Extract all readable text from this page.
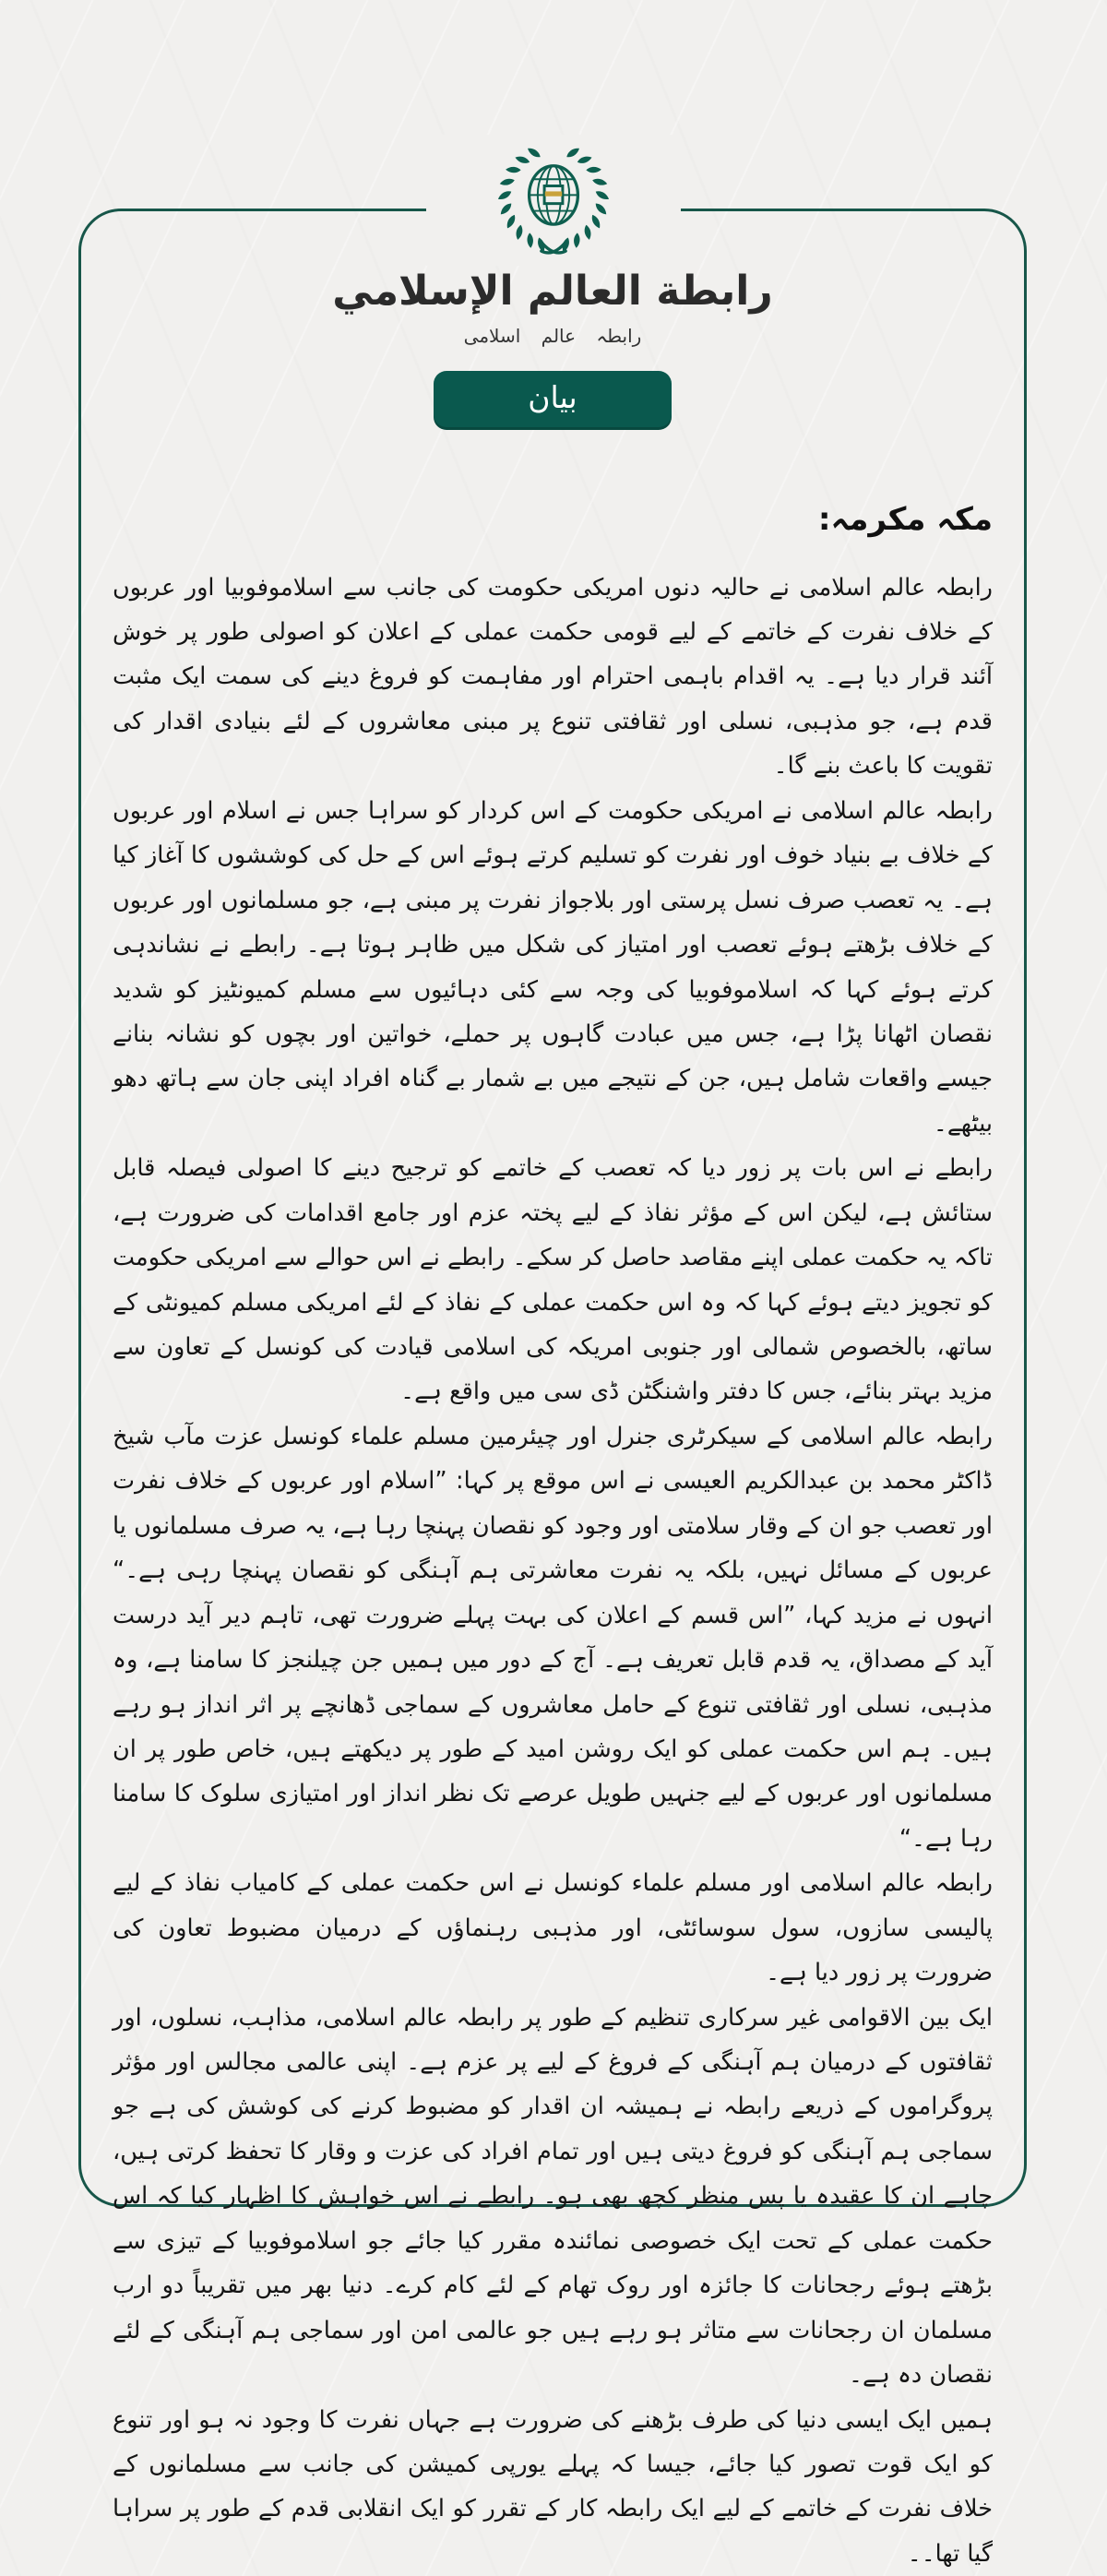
رابطة العالم الإسلامي
رابطہ عالم اسلامی
بيان
مکہ مکرمہ:

رابطہ عالم اسلامی نے حالیہ دنوں امریکی حکومت کی جانب سے اسلاموفوبیا اور عربوں کے خلاف نفرت کے خاتمے کے لیے قومی حکمت عملی کے اعلان کو اصولی طور پر خوش آئند قرار دیا ہے۔ یہ اقدام باہمی احترام اور مفاہمت کو فروغ دینے کی سمت ایک مثبت قدم ہے، جو مذہبی، نسلی اور ثقافتی تنوع پر مبنی معاشروں کے لئے بنیادی اقدار کی تقویت کا باعث بنے گا۔

رابطہ عالم اسلامی نے امریکی حکومت کے اس کردار کو سراہا جس نے اسلام اور عربوں کے خلاف بے بنیاد خوف اور نفرت کو تسلیم کرتے ہوئے اس کے حل کی کوششوں کا آغاز کیا ہے۔ یہ تعصب صرف نسل پرستی اور بلاجواز نفرت پر مبنی ہے، جو مسلمانوں اور عربوں کے خلاف بڑھتے ہوئے تعصب اور امتیاز کی شکل میں ظاہر ہوتا ہے۔ رابطے نے نشاندہی کرتے ہوئے کہا کہ اسلاموفوبیا کی وجہ سے کئی دہائیوں سے مسلم کمیونٹیز کو شدید نقصان اٹھانا پڑا ہے، جس میں عبادت گاہوں پر حملے، خواتین اور بچوں کو نشانہ بنانے جیسے واقعات شامل ہیں، جن کے نتیجے میں بے شمار بے گناہ افراد اپنی جان سے ہاتھ دھو بیٹھے۔

رابطے نے اس بات پر زور دیا کہ تعصب کے خاتمے کو ترجیح دینے کا اصولی فیصلہ قابل ستائش ہے، لیکن اس کے مؤثر نفاذ کے لیے پختہ عزم اور جامع اقدامات کی ضرورت ہے، تاکہ یہ حکمت عملی اپنے مقاصد حاصل کر سکے۔ رابطے نے اس حوالے سے امریکی حکومت کو تجویز دیتے ہوئے کہا کہ وہ اس حکمت عملی کے نفاذ کے لئے امریکی مسلم کمیونٹی کے ساتھ، بالخصوص شمالی اور جنوبی امریکہ کی اسلامی قیادت کی کونسل کے تعاون سے مزید بہتر بنائے، جس کا دفتر واشنگٹن ڈی سی میں واقع ہے۔

رابطہ عالم اسلامی کے سیکرٹری جنرل اور چیئرمین مسلم علماء کونسل عزت مآب شیخ ڈاکٹر محمد بن عبدالکریم العیسی نے اس موقع پر کہا: ”اسلام اور عربوں کے خلاف نفرت اور تعصب جو ان کے وقار سلامتی اور وجود کو نقصان پہنچا رہا ہے، یہ صرف مسلمانوں یا عربوں کے مسائل نہیں، بلکہ یہ نفرت معاشرتی ہم آہنگی کو نقصان پہنچا رہی ہے۔“ انہوں نے مزید کہا، ”اس قسم کے اعلان کی بہت پہلے ضرورت تھی، تاہم دیر آید درست آید کے مصداق، یہ قدم قابل تعریف ہے۔ آج کے دور میں ہمیں جن چیلنجز کا سامنا ہے، وہ مذہبی، نسلی اور ثقافتی تنوع کے حامل معاشروں کے سماجی ڈھانچے پر اثر انداز ہو رہے ہیں۔ ہم اس حکمت عملی کو ایک روشن امید کے طور پر دیکھتے ہیں، خاص طور پر ان مسلمانوں اور عربوں کے لیے جنہیں طویل عرصے تک نظر انداز اور امتیازی سلوک کا سامنا رہا ہے۔“

رابطہ عالم اسلامی اور مسلم علماء کونسل نے اس حکمت عملی کے کامیاب نفاذ کے لیے پالیسی سازوں، سول سوسائٹی، اور مذہبی رہنماؤں کے درمیان مضبوط تعاون کی ضرورت پر زور دیا ہے۔

ایک بین الاقوامی غیر سرکاری تنظیم کے طور پر رابطہ عالم اسلامی، مذاہب، نسلوں، اور ثقافتوں کے درمیان ہم آہنگی کے فروغ کے لیے پر عزم ہے۔ اپنی عالمی مجالس اور مؤثر پروگراموں کے ذریعے رابطہ نے ہمیشہ ان اقدار کو مضبوط کرنے کی کوشش کی ہے جو سماجی ہم آہنگی کو فروغ دیتی ہیں اور تمام افراد کی عزت و وقار کا تحفظ کرتی ہیں، چاہے ان کا عقیدہ یا پس منظر کچھ بھی ہو۔ رابطے نے اس خواہش کا اظہار کیا کہ اس حکمت عملی کے تحت ایک خصوصی نمائندہ مقرر کیا جائے جو اسلاموفوبیا کے تیزی سے بڑھتے ہوئے رجحانات کا جائزہ اور روک تھام کے لئے کام کرے۔ دنیا بھر میں تقریباً دو ارب مسلمان ان رجحانات سے متاثر ہو رہے ہیں جو عالمی امن اور سماجی ہم آہنگی کے لئے نقصان دہ ہے۔

ہمیں ایک ایسی دنیا کی طرف بڑھنے کی ضرورت ہے جہاں نفرت کا وجود نہ ہو اور تنوع کو ایک قوت تصور کیا جائے، جیسا کہ پہلے یورپی کمیشن کی جانب سے مسلمانوں کے خلاف نفرت کے خاتمے کے لیے ایک رابطہ کار کے تقرر کو ایک انقلابی قدم کے طور پر سراہا گیا تھا۔۔
